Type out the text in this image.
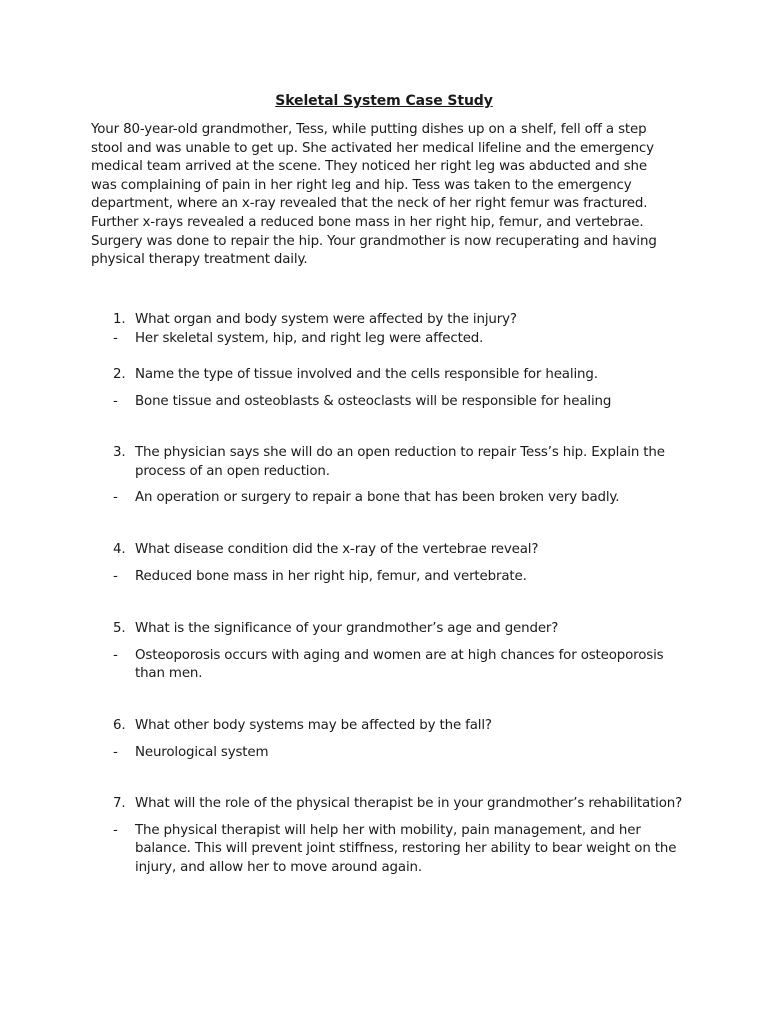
Skeletal System Case Study
Your 80-year-old grandmother, Tess, while putting dishes up on a shelf, fell off a step
stool and was unable to get up. She activated her medical lifeline and the emergency
medical team arrived at the scene. They noticed her right leg was abducted and she
was complaining of pain in her right leg and hip. Tess was taken to the emergency
department, where an x-ray revealed that the neck of her right femur was fractured.
Further x-rays revealed a reduced bone mass in her right hip, femur, and vertebrae.
Surgery was done to repair the hip. Your grandmother is now recuperating and having
physical therapy treatment daily.
1. What organ and body system were affected by the injury?
- Her skeletal system, hip, and right leg were affected.
2. Name the type of tissue involved and the cells responsible for healing.
- Bone tissue and osteoblasts & osteoclasts will be responsible for healing
3. The physician says she will do an open reduction to repair Tess’s hip. Explain the process of an open reduction.
- An operation or surgery to repair a bone that has been broken very badly.
4. What disease condition did the x-ray of the vertebrae reveal?
- Reduced bone mass in her right hip, femur, and vertebrate.
5. What is the significance of your grandmother’s age and gender?
- Osteoporosis occurs with aging and women are at high chances for osteoporosis than men.
6. What other body systems may be affected by the fall?
- Neurological system
7. What will the role of the physical therapist be in your grandmother’s rehabilitation?
- The physical therapist will help her with mobility, pain management, and her balance. This will prevent joint stiffness, restoring her ability to bear weight on the injury, and allow her to move around again.
